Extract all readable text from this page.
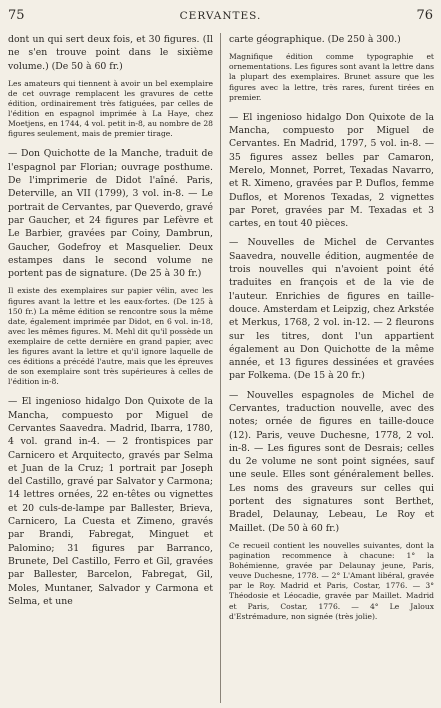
75	CERVANTES.	76

dont un qui sert deux fois, et 30 figures. (Il ne s'en trouve point dans le sixième volume.) (De 50 à 60 fr.)

Les amateurs qui tiennent à avoir un bel exemplaire de cet ouvrage remplacent les gravures de cette édition, ordinairement très fatiguées, par celles de l'édition en espagnol imprimée à La Haye, chez Moetjens, en 1744, 4 vol. petit in-8, au nombre de 28 figures seulement, mais de premier tirage.

— Don Quichotte de la Manche, traduit de l'espagnol par Florian; ouvrage posthume. De l'imprimerie de Didot l'aîné. Paris, Deterville, an VII (1799), 3 vol. in-8. — Le portrait de Cervantes, par Queverdo, gravé par Gaucher, et 24 figures par Lefèvre et Le Barbier, gravées par Coiny, Dambrun, Gaucher, Godefroy et Masquelier. Deux estampes dans le second volume ne portent pas de signature. (De 25 à 30 fr.)

Il existe des exemplaires sur papier vélin, avec les figures avant la lettre et les eaux-fortes. (De 125 à 150 fr.) La même édition se rencontre sous la même date, également imprimée par Didot, en 6 vol. in-18, avec les mêmes figures. M. Mehl dit qu'il possède un exemplaire de cette dernière en grand papier, avec les figures avant la lettre et qu'il ignore laquelle de ces éditions a précédé l'autre, mais que les épreuves de son exemplaire sont très supérieures à celles de l'édition in-8.

— El ingenioso hidalgo Don Quixote de la Mancha, compuesto por Miguel de Cervantes Saavedra. Madrid, Ibarra, 1780, 4 vol. grand in-4. — 2 frontispices par Carnicero et Arquitecto, gravés par Selma et Juan de la Cruz; 1 portrait par Joseph del Castillo, gravé par Salvator y Carmona; 14 lettres ornées, 22 en-têtes ou vignettes et 20 culs-de-lampe par Ballester, Brieva, Carnicero, La Cuesta et Zimeno, gravés par Brandi, Fabregat, Minguet et Palomino; 31 figures par Barranco, Brunete, Del Castillo, Ferro et Gil, gravées par Ballester, Barcelon, Fabregat, Gil, Moles, Muntaner, Salvador y Carmona et Selma, et une

carte géographique. (De 250 à 300.)

Magnifique édition comme typographie et ornementations. Les figures sont avant la lettre dans la plupart des exemplaires. Brunet assure que les figures avec la lettre, très rares, furent tirées en premier.

— El ingenioso hidalgo Don Quixote de la Mancha, compuesto por Miguel de Cervantes. En Madrid, 1797, 5 vol. in-8. — 35 figures assez belles par Camaron, Merelo, Monnet, Porret, Texadas Navarro, et R. Ximeno, gravées par P. Duflos, femme Duflos, et Morenos Texadas, 2 vignettes par Poret, gravées par M. Texadas et 3 cartes, en tout 40 pièces.

— Nouvelles de Michel de Cervantes Saavedra, nouvelle édition, augmentée de trois nouvelles qui n'avoient point été traduites en françois et de la vie de l'auteur. Enrichies de figures en taille-douce. Amsterdam et Leipzig, chez Arkstée et Merkus, 1768, 2 vol. in-12. — 2 fleurons sur les titres, dont l'un appartient également au Don Quichotte de la même année, et 13 figures dessinées et gravées par Folkema. (De 15 à 20 fr.)

— Nouvelles espagnoles de Michel de Cervantes, traduction nouvelle, avec des notes; ornée de figures en taille-douce (12). Paris, veuve Duchesne, 1778, 2 vol. in-8. — Les figures sont de Desrais; celles du 2e volume ne sont point signées, sauf une seule. Elles sont généralement belles. Les noms des graveurs sur celles qui portent des signatures sont Berthet, Bradel, Delaunay, Lebeau, Le Roy et Maillet. (De 50 à 60 fr.)

Ce recueil contient les nouvelles suivantes, dont la pagination recommence à chacune: 1° la Bohémienne, gravée par Delaunay jeune, Paris, veuve Duchesne, 1778. — 2° L'Amant libéral, gravée par le Roy. Madrid et Paris, Costar, 1776. — 3° Théodosie et Léocadie, gravée par Maillet. Madrid et Paris, Costar, 1776. — 4° Le Jaloux d'Estrémadure, non signée (très jolie).
